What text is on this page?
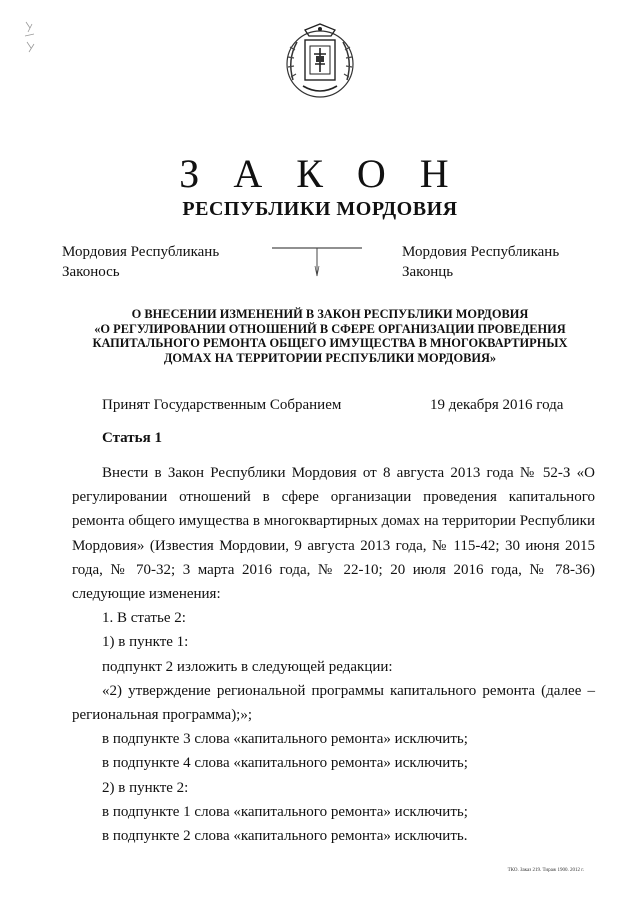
З А К О Н
РЕСПУБЛИКИ МОРДОВИЯ
Мордовия Республикань
Законось
Мордовия Республикань
Законць
О ВНЕСЕНИИ ИЗМЕНЕНИЙ В ЗАКОН РЕСПУБЛИКИ МОРДОВИЯ
«О РЕГУЛИРОВАНИИ ОТНОШЕНИЙ В СФЕРЕ ОРГАНИЗАЦИИ ПРОВЕДЕНИЯ
КАПИТАЛЬНОГО РЕМОНТА ОБЩЕГО ИМУЩЕСТВА В МНОГОКВАРТИРНЫХ
ДОМАХ НА ТЕРРИТОРИИ РЕСПУБЛИКИ МОРДОВИЯ»
Принят Государственным Собранием	19 декабря 2016 года
Статья 1
Внести в Закон Республики Мордовия от 8 августа 2013 года № 52-З «О регулировании отношений в сфере организации проведения капитального ремонта общего имущества в многоквартирных домах на территории Республики Мордовия» (Известия Мордовии, 9 августа 2013 года, № 115-42; 30 июня 2015 года, № 70-32; 3 марта 2016 года, № 22-10; 20 июля 2016 года, № 78-36) следующие изменения:
1. В статье 2:
1) в пункте 1:
подпункт 2 изложить в следующей редакции:
«2) утверждение региональной программы капитального ремонта (далее – региональная программа);»;
в подпункте 3 слова «капитального ремонта» исключить;
в подпункте 4 слова «капитального ремонта» исключить;
2) в пункте 2:
в подпункте 1 слова «капитального ремонта» исключить;
в подпункте 2 слова «капитального ремонта» исключить.
ТКО. Заказ 219. Тираж 1900. 2012 г.
